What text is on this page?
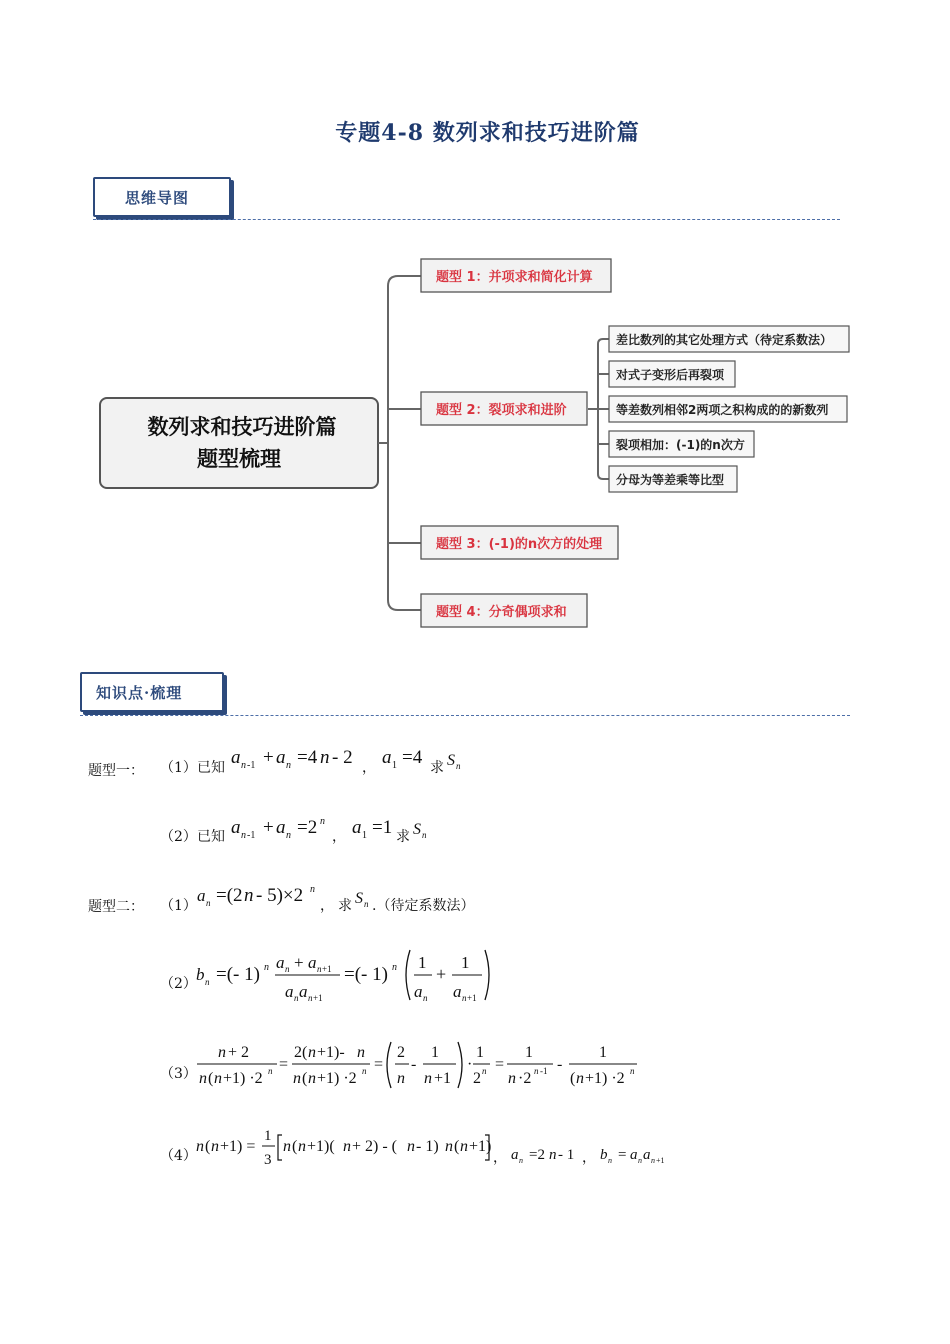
专题4-8 数列求和技巧进阶篇
思维导图
数列求和技巧进阶篇
题型梳理
题型 1：并项求和简化计算
题型 2：裂项求和进阶
题型 3：(-1)的n次方的处理
题型 4：分奇偶项求和
差比数列的其它处理方式（待定系数法）
对式子变形后再裂项
等差数列相邻2两项之积构成的的新数列
裂项相加：(-1)的n次方
分母为等差乘等比型
知识点·梳理
题型一：
题型二：
（1） 已知 a n -1 + a n =4 n - 2
，
a 1 =4 求 S n
（2） 已知 a n -1 + a n =2 n
， a 1 =1 求 S n
（1）
a n =(2 n - 5)×2 n
， 求 S n .（待定系数法）
（2） b n =(- 1) n a n + a n +1
a n a n +1
=(- 1) n 1
a n
+
1
a n +1
（3）
n + 2
n ( n +1) ·2 n =
2( n +1)- n
n ( n +1) ·2 n =
2
n
-
1
n +1
·
1
2 n =
1
n ·2 n -1 -
1
( n +1) ·2 n
（4）
n ( n +1) =
1
3
n ( n +1)( n + 2) - ( n - 1) n ( n +1)
， a n =2 n - 1 ， b n = a n a n +1
